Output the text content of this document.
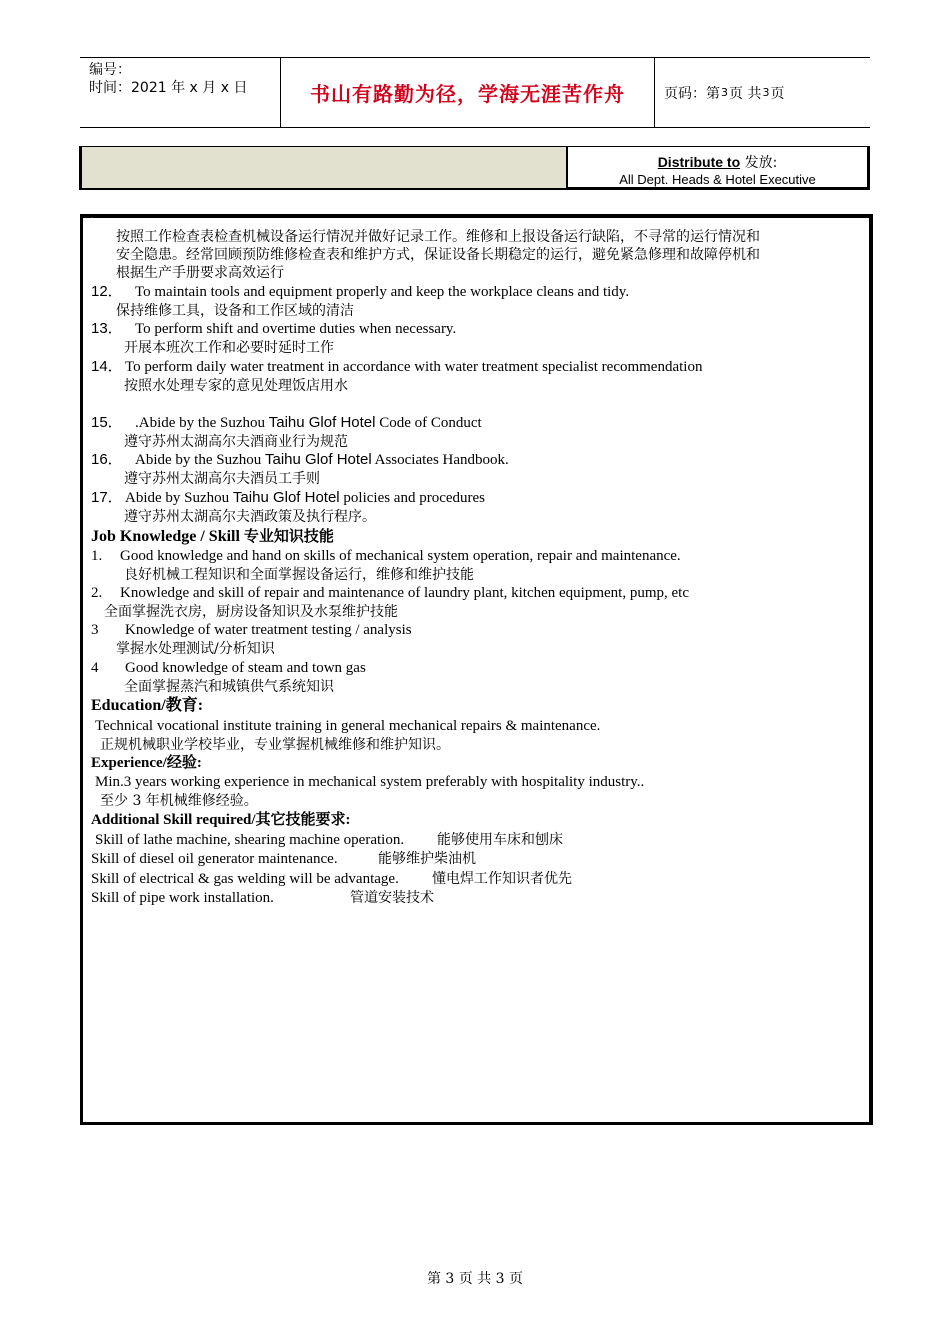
编号：
时间：2021 年 x 月 x 日	书山有路勤为径，学海无涯苦作舟	页码：第 3 页 共 3 页
Distribute to 发放:
All Dept. Heads & Hotel Executive
`
按照工作检查表检查机械设备运行情况并做好记录工作。维修和上报设备运行缺陷，不寻常的运行情况和
安全隐患。经常回顾预防维修检查表和维护方式，保证设备长期稳定的运行，避免紧急修理和故障停机和
根据生产手册要求高效运行
12． To maintain tools and equipment properly and keep the workplace cleans and tidy.
保持维修工具，设备和工作区域的清洁
13． To perform shift and overtime duties when necessary.
开展本班次工作和必要时延时工作
14． To perform daily water treatment in accordance with water treatment specialist recommendation
按照水处理专家的意见处理饭店用水
15． .Abide by the Suzhou Taihu Glof Hotel Code of Conduct
遵守苏州太湖高尔夫酒商业行为规范
16． Abide by the Suzhou Taihu Glof Hotel Associates Handbook.
遵守苏州太湖高尔夫酒员工手则
17． Abide by Suzhou Taihu Glof Hotel policies and procedures
遵守苏州太湖高尔夫酒政策及执行程序。
Job Knowledge / Skill 专业知识技能
1. Good knowledge and hand on skills of mechanical system operation, repair and maintenance.
良好机械工程知识和全面掌握设备运行，维修和维护技能
2. Knowledge and skill of repair and maintenance of laundry plant, kitchen equipment, pump, etc
全面掌握洗衣房，厨房设备知识及水泵维护技能
3 Knowledge of water treatment testing / analysis
掌握水处理测试/分析知识
4 Good knowledge of steam and town gas
全面掌握蒸汽和城镇供气系统知识
Education/教育:
Technical vocational institute training in general mechanical repairs & maintenance.
正规机械职业学校毕业，专业掌握机械维修和维护知识。
Experience/经验:
Min.3 years working experience in mechanical system preferably with hospitality industry..
至少 3 年机械维修经验。
Additional Skill required/其它技能要求:
Skill of lathe machine, shearing machine operation. 能够使用车床和刨床
Skill of diesel oil generator maintenance.	能够维护柴油机
Skill of electrical & gas welding will be advantage. 懂电焊工作知识者优先
Skill of pipe work installation.	管道安装技术
第 3 页 共 3 页
